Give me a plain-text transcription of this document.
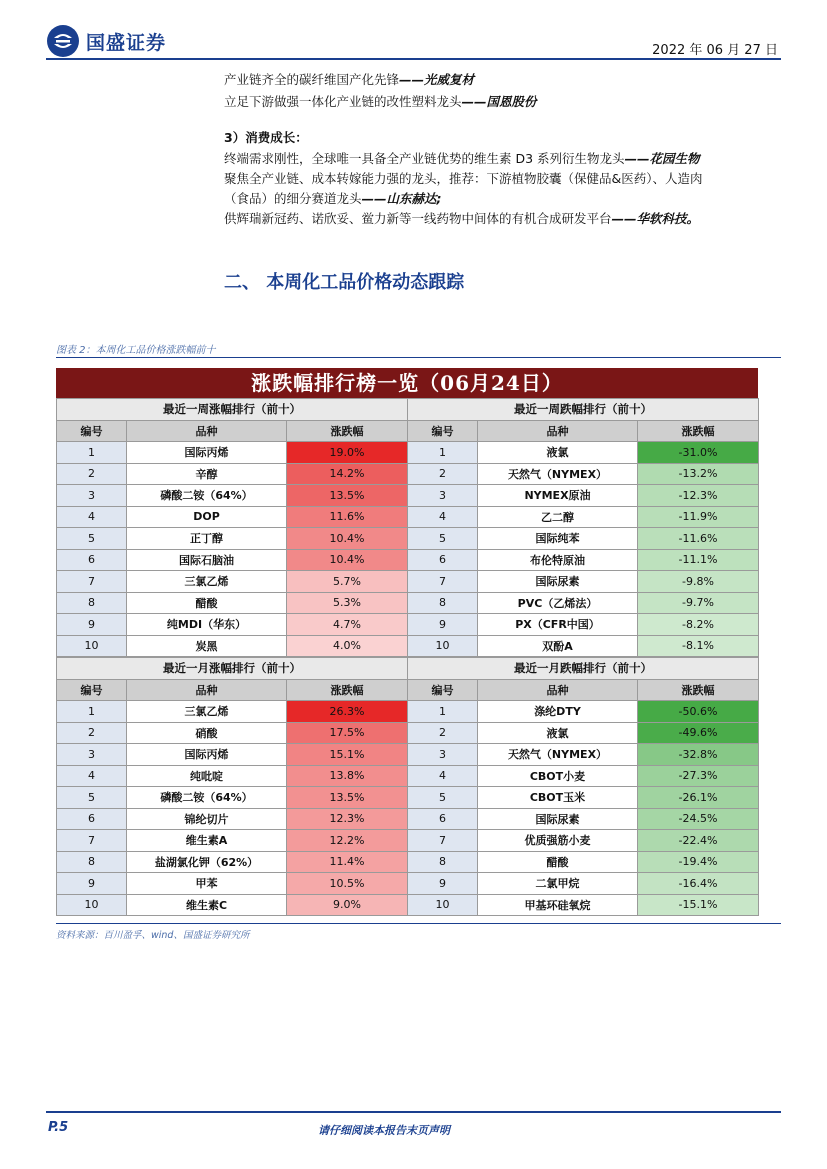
国盛证券	2022 年 06 月 27 日
产业链齐全的碳纤维国产化先锋——光威复材
立足下游做强一体化产业链的改性塑料龙头——国恩股份
3）消费成长：
终端需求刚性，全球唯一具备全产业链优势的维生素 D3 系列衍生物龙头——花园生物
聚焦全产业链、成本转嫁能力强的龙头，推荐：下游植物胶囊（保健品&医药）、人造肉
（食品）的细分赛道龙头——山东赫达;
供辉瑞新冠药、诺欣妥、鲎力新等一线药物中间体的有机合成研发平台——华软科技。
二、 本周化工品价格动态跟踪
图表 2：本周化工品价格涨跌幅前十
涨跌幅排行榜一览（06月24日）
最近一周涨幅排行（前十）		
编号	品种	涨跌幅
1	国际丙烯	19.0%
2	辛醇	14.2%
3	磷酸二铵（64%）	13.5%
4	DOP	11.6%
5	正丁醇	10.4%
6	国际石脑油	10.4%
7	三氯乙烯	5.7%
8	醋酸	5.3%
9	纯MDI（华东）	4.7%
10	炭黑	4.0%
最近一周跌幅排行（前十）		
编号	品种	涨跌幅
1	液氯	-31.0%
2	天然气（NYMEX）	-13.2%
3	NYMEX原油	-12.3%
4	乙二醇	-11.9%
5	国际纯苯	-11.6%
6	布伦特原油	-11.1%
7	国际尿素	-9.8%
8	PVC（乙烯法）	-9.7%
9	PX（CFR中国）	-8.2%
10	双酚A	-8.1%
最近一月涨幅排行（前十）		
编号	品种	涨跌幅
1	三氯乙烯	26.3%
2	硝酸	17.5%
3	国际丙烯	15.1%
4	纯吡啶	13.8%
5	磷酸二铵（64%）	13.5%
6	锦纶切片	12.3%
7	维生素A	12.2%
8	盐湖氯化钾（62%）	11.4%
9	甲苯	10.5%
10	维生素C	9.0%
最近一月跌幅排行（前十）		
编号	品种	涨跌幅
1	涤纶DTY	-50.6%
2	液氯	-49.6%
3	天然气（NYMEX）	-32.8%
4	CBOT小麦	-27.3%
5	CBOT玉米	-26.1%
6	国际尿素	-24.5%
7	优质强筋小麦	-22.4%
8	醋酸	-19.4%
9	二氯甲烷	-16.4%
10	甲基环硅氧烷	-15.1%
资料来源：百川盈孚、wind、国盛证券研究所
P.5	请仔细阅读本报告末页声明
